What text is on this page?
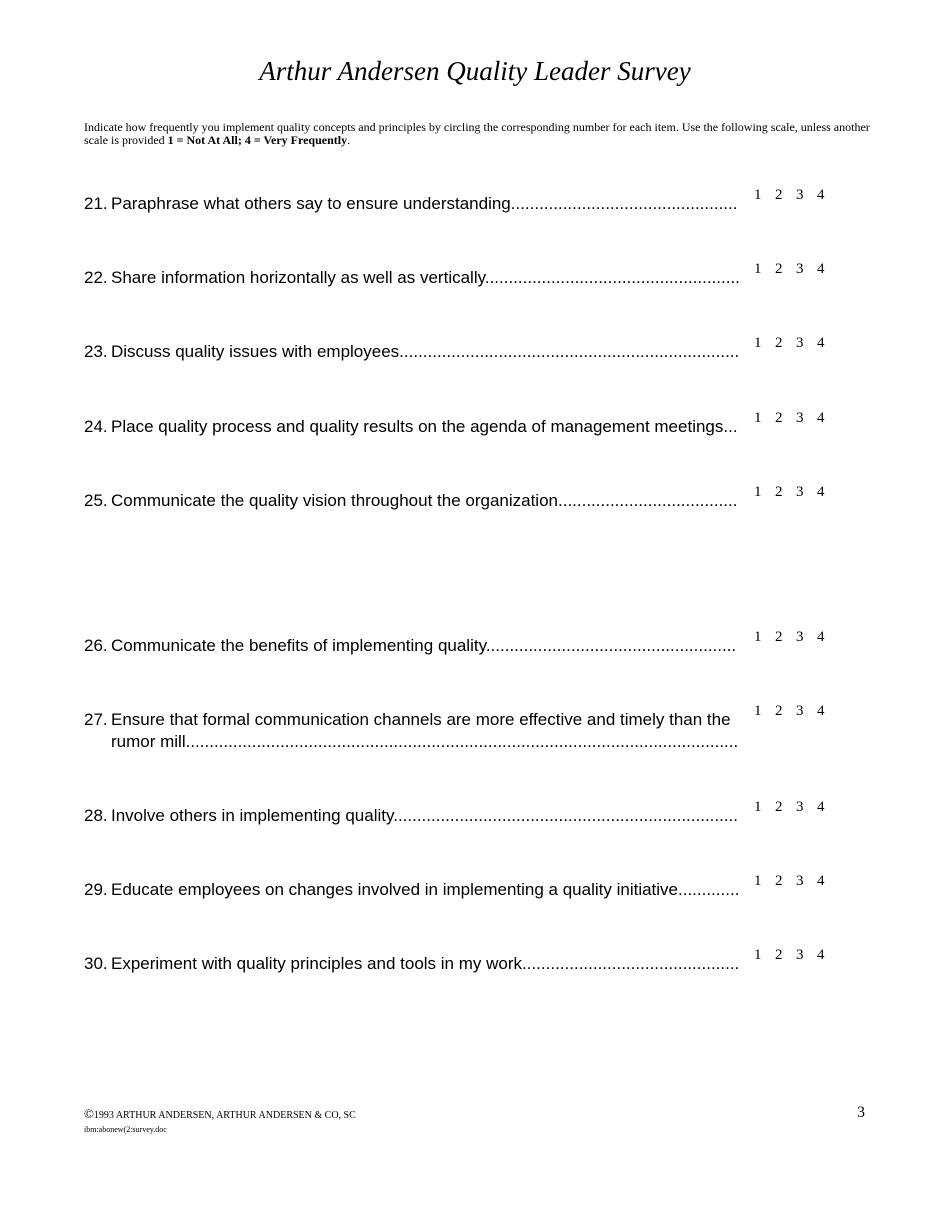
Arthur Andersen Quality Leader Survey
Indicate how frequently you implement quality concepts and principles by circling the corresponding number for each item. Use the following scale, unless another scale is provided 1 = Not At All; 4 = Very Frequently.
21. Paraphrase what others say to ensure understanding................................................ 1 2 3 4
22. Share information horizontally as well as vertically...................................................... 1 2 3 4
23. Discuss quality issues with employees........................................................................ 1 2 3 4
24. Place quality process and quality results on the agenda of management meetings... 1 2 3 4
25. Communicate the quality vision throughout the organization...................................... 1 2 3 4
26. Communicate the benefits of implementing quality..................................................... 1 2 3 4
27. Ensure that formal communication channels are more effective and timely than the
rumor mill.....................................................................................................................
1 2 3 4
28. Involve others in implementing quality......................................................................... 1 2 3 4
29. Educate employees on changes involved in implementing a quality initiative............. 1 2 3 4
30. Experiment with quality principles and tools in my work.............................................. 1 2 3 4
©1993 ARTHUR ANDERSEN, ARTHUR ANDERSEN & CO, SC
ibm:abonew(2:survey.doc
3
